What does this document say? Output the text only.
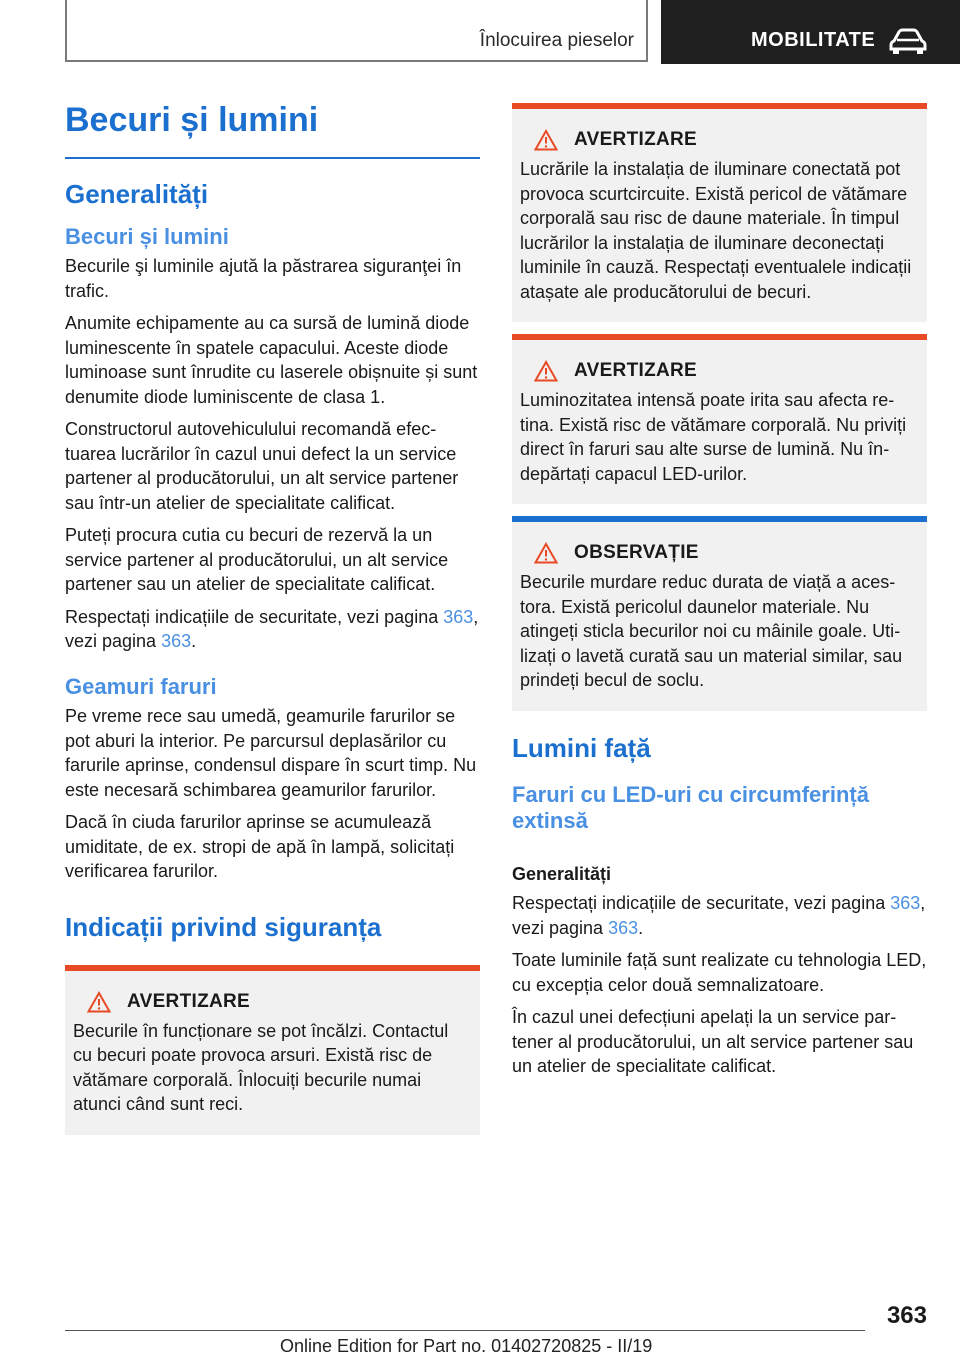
Înlocuirea pieselor	MOBILITATE
Becuri și lumini
Generalități
Becuri și lumini

Becurile şi luminile ajută la păstrarea siguranţei în trafic.

Anumite echipamente au ca sursă de lumină diode luminescente în spatele capacului. Aceste diode luminoase sunt înrudite cu laserele obișnuite și sunt denumite diode luminiscente de clasa 1.

Constructorul autovehiculului recomandă efectuarea lucrărilor în cazul unui defect la un service partener al producătorului, un alt service partener sau într-un atelier de specialitate calificat.

Puteți procura cutia cu becuri de rezervă la un service partener al producătorului, un alt service partener sau un atelier de specialitate calificat.

Respectați indicațiile de securitate, vezi pagina 363, vezi pagina 363.

Geamuri faruri

Pe vreme rece sau umedă, geamurile farurilor se pot aburi la interior. Pe parcursul deplasărilor cu farurile aprinse, condensul dispare în scurt timp. Nu este necesară schimbarea geamurilor farurilor.

Dacă în ciuda farurilor aprinse se acumulează umiditate, de ex. stropi de apă în lampă, solicitați verificarea farurilor.

Indicații privind siguranța
AVERTIZARE

Becurile în funcționare se pot încălzi. Contactul cu becuri poate provoca arsuri. Există risc de vătămare corporală. Înlocuiți becurile numai atunci când sunt reci.

AVERTIZARE

Lucrările la instalația de iluminare conectată pot provoca scurtcircuite. Există pericol de vătămare corporală sau risc de daune materiale. În timpul lucrărilor la instalația de iluminare deconectați luminile în cauză. Respectați eventualele indicații atașate ale producătorului de becuri.

AVERTIZARE

Luminozitatea intensă poate irita sau afecta retina. Există risc de vătămare corporală. Nu priviți direct în faruri sau alte surse de lumină. Nu îndepărtați capacul LED-urilor.

OBSERVAȚIE

Becurile murdare reduc durata de viață a acestora. Există pericolul daunelor materiale. Nu atingeți sticla becurilor noi cu mâinile goale. Utilizați o lavetă curată sau un material similar, sau prindeți becul de soclu.

Lumini față
Faruri cu LED-uri cu circumferință extinsă
Generalități

Respectați indicațiile de securitate, vezi pagina 363, vezi pagina 363.

Toate luminile față sunt realizate cu tehnologia LED, cu excepția celor două semnalizatoare.

În cazul unei defecțiuni apelați la un service partener al producătorului, un alt service partener sau un atelier de specialitate calificat.

363
Online Edition for Part no. 01402720825 - II/19
